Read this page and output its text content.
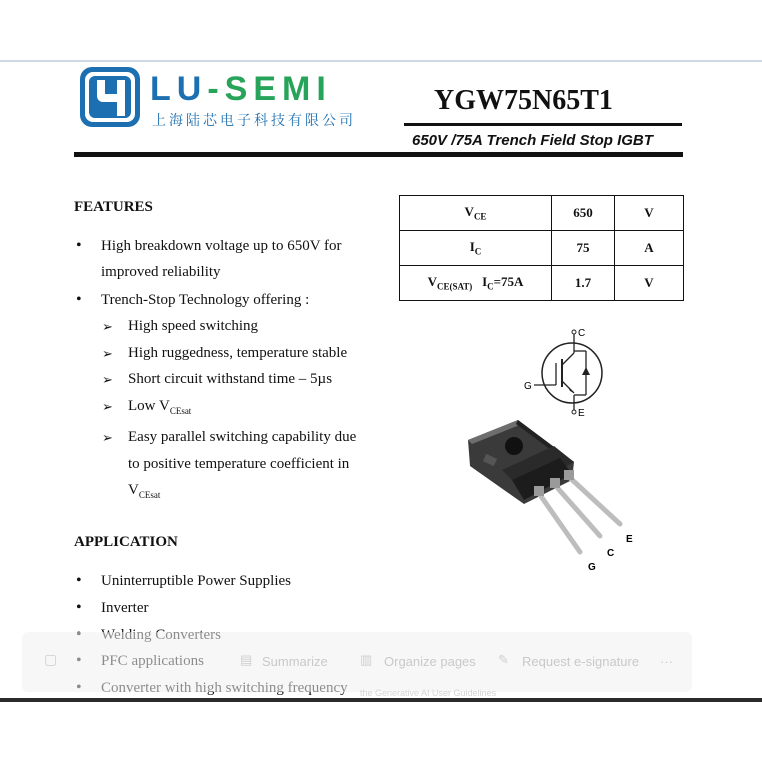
LU-SEMI
上海陆芯电子科技有限公司
YGW75N65T1
650V /75A Trench Field Stop IGBT
FEATURES
• High breakdown voltage up to 650V for
improved reliability
• Trench-Stop Technology offering :
➢ High speed switching
➢ High ruggedness, temperature stable
➢ Short circuit withstand time – 5µs
➢ Low $V_{CEsat}$
➢ Easy parallel switching capability due
to positive temperature coefficient in
$V_{CEsat}$
$V_{CE}$	650	V
$I_C$	75	A
$V_{CE(SAT)}$ $I_C=75A$	1.7	V
C
G
E
G
C
E
APPLICATION
• Uninterruptible Power Supplies
• Inverter
•
•
•
▢	▤ Summarize ▥ Organize pages ✎ Request e-signature ···
the Generative AI User Guidelines
